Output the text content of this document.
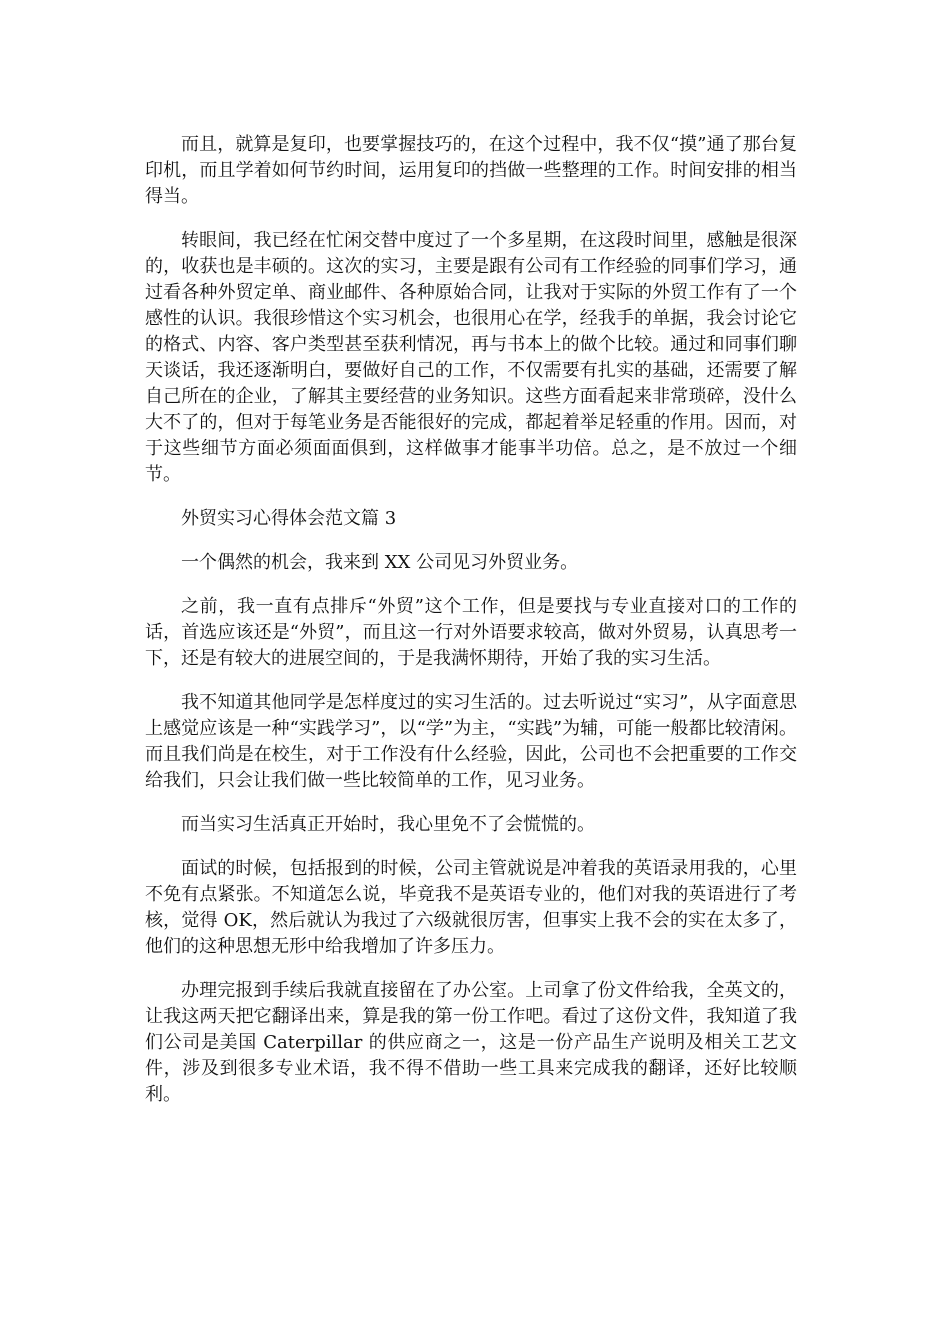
而且，就算是复印，也要掌握技巧的，在这个过程中，我不仅“摸”通了那台复印机，而且学着如何节约时间，运用复印的挡做一些整理的工作。时间安排的相当得当。

转眼间，我已经在忙闲交替中度过了一个多星期，在这段时间里，感触是很深的，收获也是丰硕的。这次的实习，主要是跟有公司有工作经验的同事们学习，通过看各种外贸定单、商业邮件、各种原始合同，让我对于实际的外贸工作有了一个感性的认识。我很珍惜这个实习机会，也很用心在学，经我手的单据，我会讨论它的格式、内容、客户类型甚至获利情况，再与书本上的做个比较。通过和同事们聊天谈话，我还逐渐明白，要做好自己的工作，不仅需要有扎实的基础，还需要了解自己所在的企业，了解其主要经营的业务知识。这些方面看起来非常琐碎，没什么大不了的，但对于每笔业务是否能很好的完成，都起着举足轻重的作用。因而，对于这些细节方面必须面面俱到，这样做事才能事半功倍。总之，是不放过一个细节。

外贸实习心得体会范文篇 3

一个偶然的机会，我来到 XX 公司见习外贸业务。

之前，我一直有点排斥“外贸”这个工作，但是要找与专业直接对口的工作的话，首选应该还是“外贸”，而且这一行对外语要求较高，做对外贸易，认真思考一下，还是有较大的进展空间的，于是我满怀期待，开始了我的实习生活。

我不知道其他同学是怎样度过的实习生活的。过去听说过“实习”，从字面意思上感觉应该是一种“实践学习”，以“学”为主，“实践”为辅，可能一般都比较清闲。而且我们尚是在校生，对于工作没有什么经验，因此，公司也不会把重要的工作交给我们，只会让我们做一些比较简单的工作，见习业务。

而当实习生活真正开始时，我心里免不了会慌慌的。

面试的时候，包括报到的时候，公司主管就说是冲着我的英语录用我的，心里不免有点紧张。不知道怎么说，毕竟我不是英语专业的，他们对我的英语进行了考核，觉得 OK，然后就认为我过了六级就很厉害，但事实上我不会的实在太多了，他们的这种思想无形中给我增加了许多压力。

办理完报到手续后我就直接留在了办公室。上司拿了份文件给我，全英文的，让我这两天把它翻译出来，算是我的第一份工作吧。看过了这份文件，我知道了我们公司是美国 Caterpillar 的供应商之一，这是一份产品生产说明及相关工艺文件，涉及到很多专业术语，我不得不借助一些工具来完成我的翻译，还好比较顺利。
